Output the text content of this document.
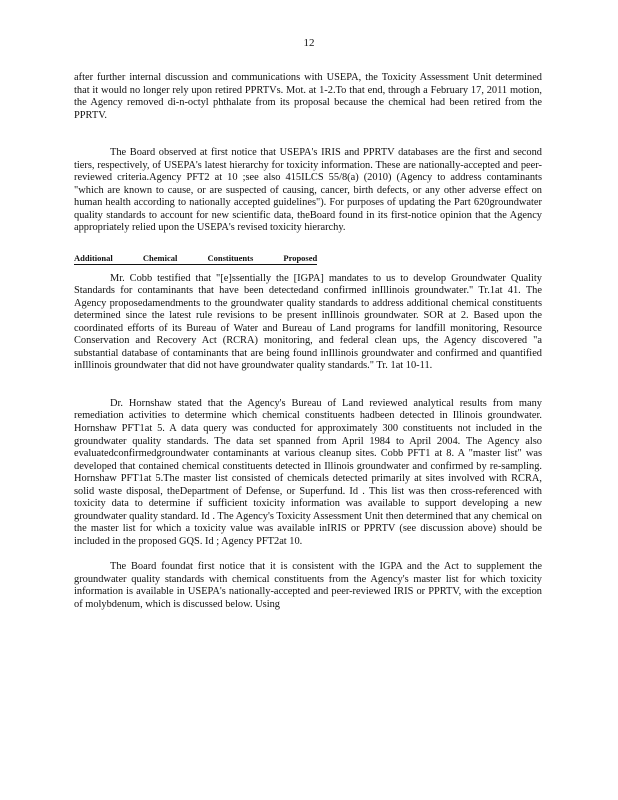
12

after further internal discussion and communications with USEPA, the Toxicity Assessment Unit determined that it would no longer rely upon retired PPRTVs. Mot. at 1-2.To that end, through a February 17, 2011 motion, the Agency removed di-n-octyl phthalate from its proposal because the chemical had been retired from the PPRTV.

The Board observed at first notice that USEPA's IRIS and PPRTV databases are the first and second tiers, respectively, of USEPA's latest hierarchy for toxicity information. These are nationally-accepted and peer-reviewed criteria.Agency PFT2 at 10 ;see also 415ILCS 55/8(a) (2010) (Agency to address contaminants "which are known to cause, or are suspected of causing, cancer, birth defects, or any other adverse effect on human health according to nationally accepted guidelines"). For purposes of updating the Part 620groundwater quality standards to account for new scientific data, theBoard found in its first-notice opinion that the Agency appropriately relied upon the USEPA's revised toxicity hierarchy.

Additional Chemical Constituents Proposed

Mr. Cobb testified that "[e]ssentially the [IGPA] mandates to us to develop Groundwater Quality Standards for contaminants that have been detectedand confirmed inIllinois groundwater." Tr.1at 41. The Agency proposedamendments to the groundwater quality standards to address additional chemical constituents determined since the latest rule revisions to be present inIllinois groundwater. SOR at 2. Based upon the coordinated efforts of its Bureau of Water and Bureau of Land programs for landfill monitoring, Resource Conservation and Recovery Act (RCRA) monitoring, and federal clean ups, the Agency discovered "a substantial database of contaminants that are being found inIllinois groundwater and confirmed and quantified inIllinois groundwater that did not have groundwater quality standards." Tr. 1at 10-11.

Dr. Hornshaw stated that the Agency's Bureau of Land reviewed analytical results from many remediation activities to determine which chemical constituents hadbeen detected in Illinois groundwater. Hornshaw PFT1at 5. A data query was conducted for approximately 300 constituents not included in the groundwater quality standards. The data set spanned from April 1984 to April 2004. The Agency also evaluatedconfirmedgroundwater contaminants at various cleanup sites. Cobb PFT1 at 8. A "master list" was developed that contained chemical constituents detected in Illinois groundwater and confirmed by re-sampling. Hornshaw PFT1at 5.The master list consisted of chemicals detected primarily at sites involved with RCRA, solid waste disposal, theDepartment of Defense, or Superfund. Id . This list was then cross-referenced with toxicity data to determine if sufficient toxicity information was available to support developing a new groundwater quality standard. Id . The Agency's Toxicity Assessment Unit then determined that any chemical on the master list for which a toxicity value was available inIRIS or PPRTV (see discussion above) should be included in the proposed GQS. Id ; Agency PFT2at 10.

The Board foundat first notice that it is consistent with the IGPA and the Act to supplement the groundwater quality standards with chemical constituents from the Agency's master list for which toxicity information is available in USEPA's nationally-accepted and peer-reviewed IRIS or PPRTV, with the exception of molybdenum, which is discussed below. Using
